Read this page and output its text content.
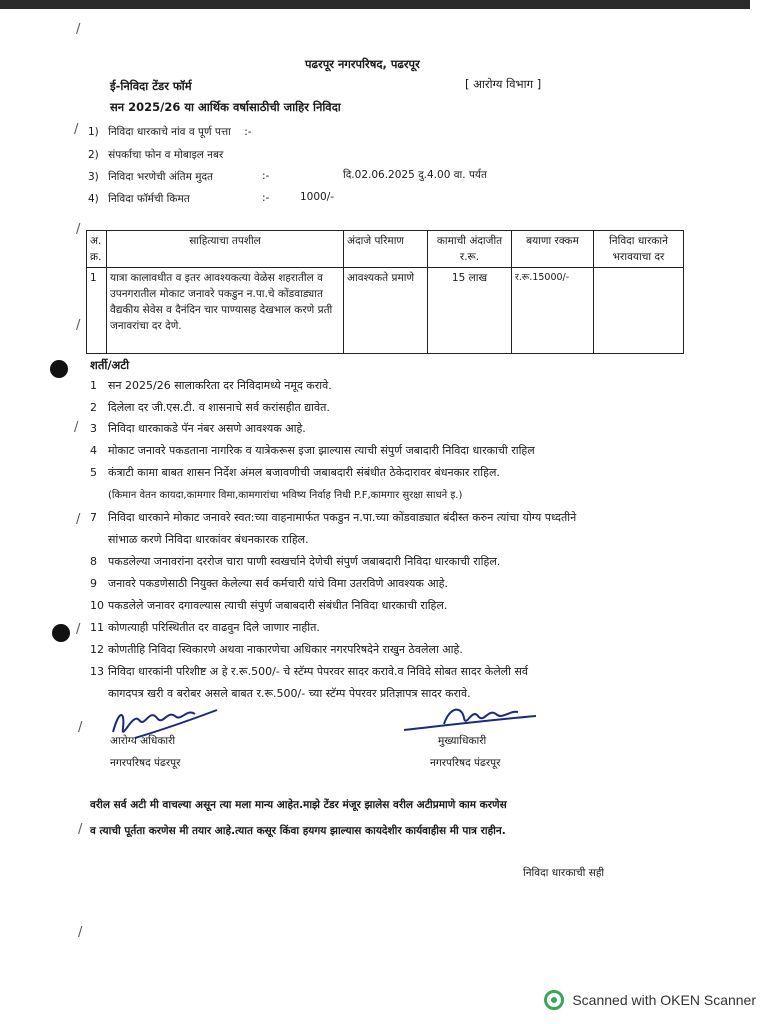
/
/
/
/
/
/
/
/
/
/
पढरपूर नगरपरिषद, पढरपूर
ई-निविदा टेंडर फॉर्म	[ आरोग्य विभाग ]
सन 2025/26 या आर्थिक वर्षासाठीची जाहिर निविदा
1) निविदा धारकाचे नांव व पूर्ण पत्ता :-
2) संपर्काचा फोन व मोबाइल नबर
3) निविदा भरणेची अंतिम मुदत	:-	दि.02.06.2025 दु.4.00 वा. पर्यत
4) निविदा फॉर्मची किमत	:-	1000/-
अ. क्र.	साहित्याचा तपशील	अंदाजे परिमाण	कामाची अंदाजीत र.रू.	बयाणा रक्कम	निविदा धारकाने भरावयाचा दर
1	यात्रा कालावधीत व इतर आवश्यकत्या वेळेस शहरातील व उपनगरातील मोकाट जनावरे पकडुन न.पा.चे कोंडवाड्यात वैद्यकीय सेवेस व दैनंदिन चार पाण्यासह देखभाल करणे प्रती जनावरांचा दर देणे.	आवश्यकते प्रमाणे	15 लाख	र.रू.15000/-	
शर्ती/अटी
1 सन 2025/26 सालाकरिता दर निविदामध्ये नमूद करावे.
2 दिलेला दर जी.एस.टी. व शासनाचे सर्व करांसहीत द्यावेत.
3 निविदा धारकाकडे पॅन नंबर असणे आवश्यक आहे.
4 मोकाट जनावरे पकडताना नागरिक व यात्रेकरूस इजा झाल्यास त्याची संपुर्ण जबादारी निविदा धारकाची राहिल
5 कंत्राटी कामा बाबत शासन निर्देश अंमल बजावणीची जबाबदारी संबंधीत ठेकेदारावर बंधनकार राहिल.
(किमान वेतन कायदा,कामगार विमा,कामगारांचा भविष्य निर्वाह निधी P.F,कामगार सुरक्षा साधने इ.)
7 निविदा धारकाने मोकाट जनावरे स्वत:च्या वाहनामार्फत पकडुन न.पा.च्या कोंडवाड्यात बंदीस्त करुन त्यांचा योग्य पध्दतीने
सांभाळ करणे निविदा धारकांवर बंधनकारक राहिल.
8 पकडलेल्या जनावरांना दररोज चारा पाणी स्वखर्चाने देणेची संपुर्ण जबाबदारी निविदा धारकाची राहिल.
9 जनावरे पकडणेसाठी नियुक्त केलेल्या सर्व कर्मचारी यांचे विमा उतरविणे आवश्यक आहे.
10 पकडलेले जनावर दगावल्यास त्याची संपुर्ण जबाबदारी संबंधीत निविदा धारकाची राहिल.
11 कोणत्याही परिस्थितीत दर वाढवुन दिले जाणार नाहीत.
12 कोणतीहि निविदा स्विकारणे अथवा नाकारणेचा अधिकार नगरपरिषदेने राखुन ठेवलेला आहे.
13 निविदा धारकांनी परिशीष्ट अ हे र.रू.500/- चे स्टॅम्प पेपरवर सादर करावे.व निविदे सोबत सादर केलेली सर्व
कागदपत्र खरी व बरोबर असले बाबत र.रू.500/- च्या स्टॅम्प पेपरवर प्रतिज्ञापत्र सादर करावे.
आरोग्य अधिकारी
नगरपरिषद पंढरपूर
मुख्याधिकारी
नगरपरिषद पंढरपूर
वरील सर्व अटी मी वाचल्या असून त्या मला मान्य आहेत.माझे टेंडर मंजूर झालेस वरील अटीप्रमाणे काम करणेस
व त्याची पूर्तता करणेस मी तयार आहे.त्यात कसूर किंवा हयगय झाल्यास कायदेशीर कार्यवाहीस मी पात्र राहीन.
निविदा धारकाची सही
Scanned with OKEN Scanner
